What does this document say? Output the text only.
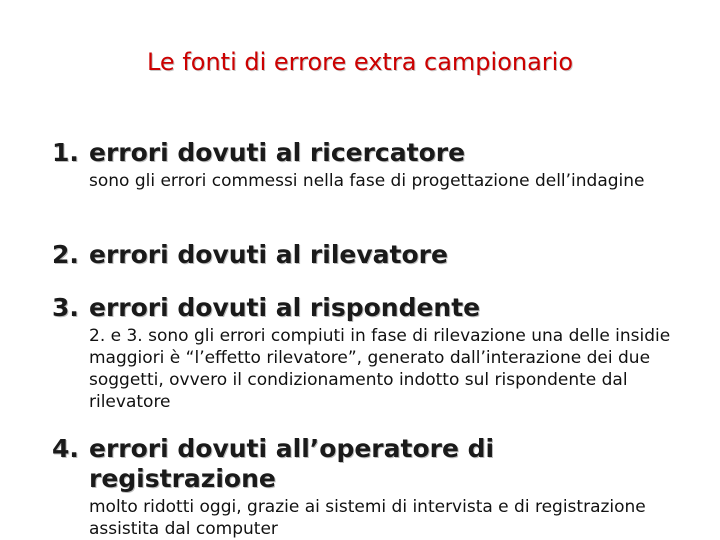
Le fonti di errore extra campionario
1. errori dovuti al ricercatore
sono gli errori commessi nella fase di progettazione dell’indagine
2. errori dovuti al rilevatore
3. errori dovuti al rispondente
2. e 3. sono gli errori compiuti in fase di rilevazione una delle insidie maggiori è “l’effetto rilevatore”, generato dall’interazione dei due soggetti, ovvero il condizionamento indotto sul rispondente dal rilevatore
4. errori dovuti all’operatore di registrazione
molto ridotti oggi, grazie ai sistemi di intervista e di registrazione assistita dal computer
